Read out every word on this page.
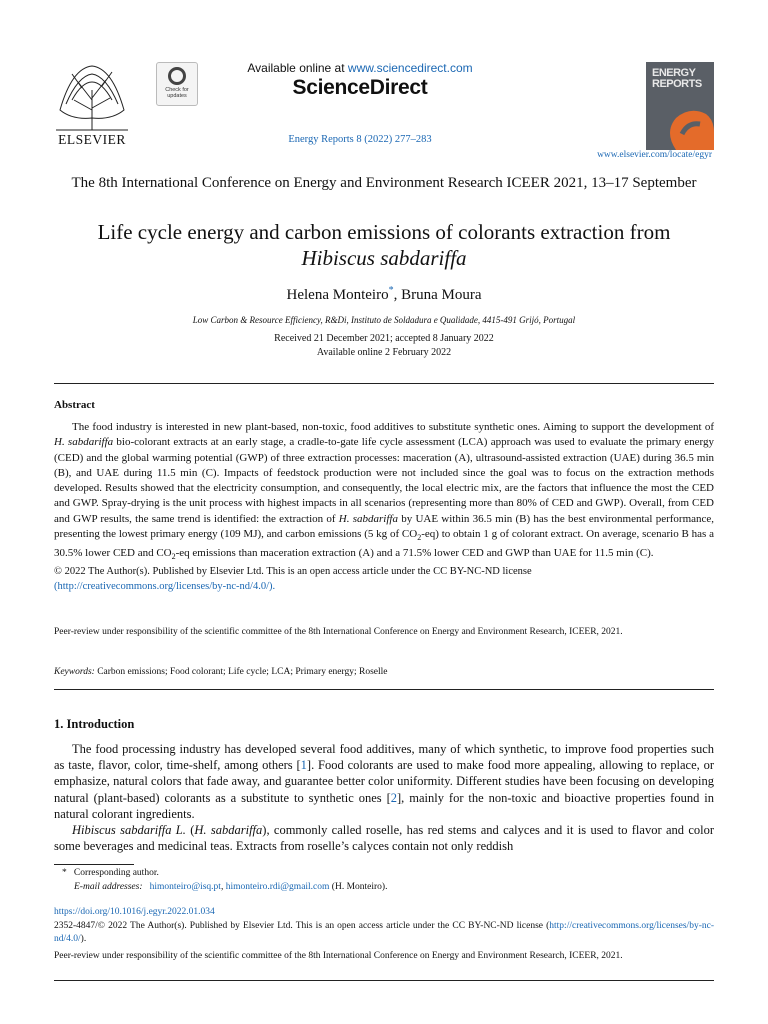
ELSEVIER
Check for updates
Available online at www.sciencedirect.com
ScienceDirect
Energy Reports 8 (2022) 277–283
ENERGY REPORTS
www.elsevier.com/locate/egyr
The 8th International Conference on Energy and Environment Research ICEER 2021, 13–17 September
Life cycle energy and carbon emissions of colorants extraction from
Hibiscus sabdariffa
Helena Monteiro*, Bruna Moura
Low Carbon & Resource Efficiency, R&Di, Instituto de Soldadura e Qualidade, 4415-491 Grijó, Portugal
Received 21 December 2021; accepted 8 January 2022
Available online 2 February 2022
Abstract

The food industry is interested in new plant-based, non-toxic, food additives to substitute synthetic ones. Aiming to support the development of H. sabdariffa bio-colorant extracts at an early stage, a cradle-to-gate life cycle assessment (LCA) approach was used to evaluate the primary energy (CED) and the global warming potential (GWP) of three extraction processes: maceration (A), ultrasound-assisted extraction (UAE) during 36.5 min (B), and UAE during 11.5 min (C). Impacts of feedstock production were not included since the goal was to focus on the extraction methods developed. Results showed that the electricity consumption, and consequently, the local electric mix, are the factors that influence the most the CED and GWP. Spray-drying is the unit process with highest impacts in all scenarios (representing more than 80% of CED and GWP). Overall, from CED and GWP results, the same trend is identified: the extraction of H. sabdariffa by UAE within 36.5 min (B) has the best environmental performance, presenting the lowest primary energy (109 MJ), and carbon emissions (5 kg of $CO_2-eq$) to obtain 1 g of colorant extract. On average, scenario B has a 30.5% lower CED and $CO_2-eq$ emissions than maceration extraction (A) and a 71.5% lower CED and GWP than UAE for 11.5 min (C).

© 2022 The Author(s). Published by Elsevier Ltd. This is an open access article under the CC BY-NC-ND license
(http://creativecommons.org/licenses/by-nc-nd/4.0/).
Peer-review under responsibility of the scientific committee of the 8th International Conference on Energy and Environment Research, ICEER, 2021.
Keywords: Carbon emissions; Food colorant; Life cycle; LCA; Primary energy; Roselle
1. Introduction

The food processing industry has developed several food additives, many of which synthetic, to improve food properties such as taste, flavor, color, time-shelf, among others [1]. Food colorants are used to make food more appealing, allowing to replace, or emphasize, natural colors that fade away, and guarantee better color uniformity. Different studies have been focusing on developing natural (plant-based) colorants as a substitute to synthetic ones [2], mainly for the non-toxic and bioactive properties found in natural colorant ingredients.

Hibiscus sabdariffa L. (H. sabdariffa), commonly called roselle, has red stems and calyces and it is used to flavor and color some beverages and medicinal teas. Extracts from roselle’s calyces contain not only reddish

* Corresponding author.
E-mail addresses: himonteiro@isq.pt, himonteiro.rdi@gmail.com (H. Monteiro).
https://doi.org/10.1016/j.egyr.2022.01.034
2352-4847/© 2022 The Author(s). Published by Elsevier Ltd. This is an open access article under the CC BY-NC-ND license (http://creativecommons.org/licenses/by-nc-nd/4.0/).
Peer-review under responsibility of the scientific committee of the 8th International Conference on Energy and Environment Research, ICEER, 2021.
